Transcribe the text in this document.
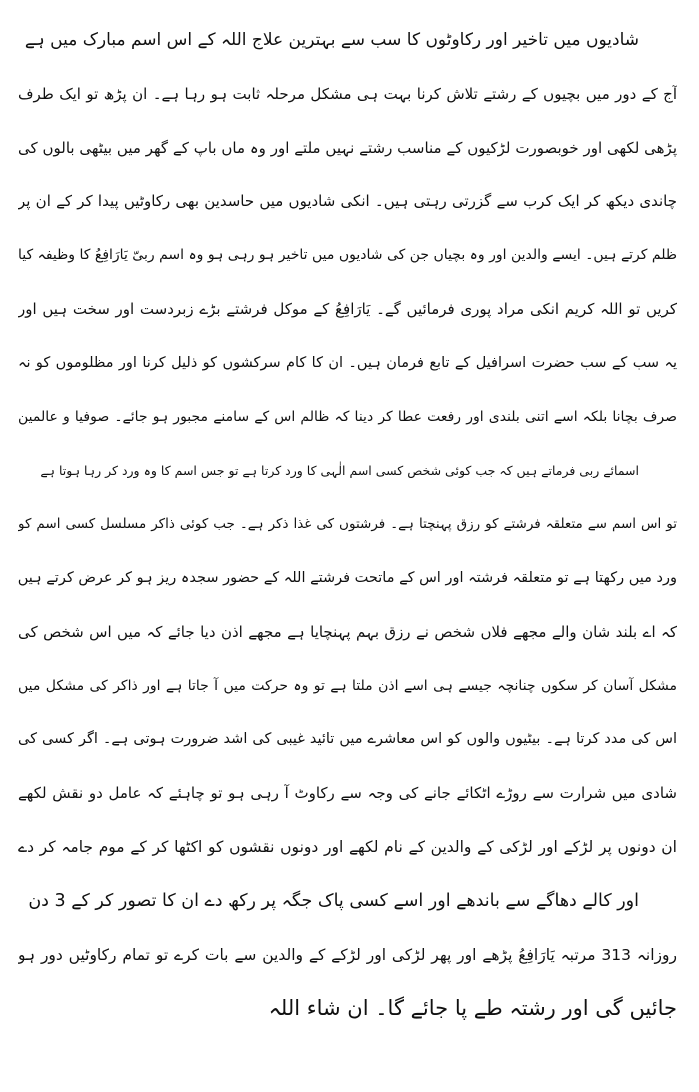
شادیوں میں تاخیر اور رکاوٹوں کا سب سے بہترین علاج اللہ کے اس اسم مبارک میں ہے
آج کے دور میں بچیوں کے رشتے تلاش کرنا بہت ہی مشکل مرحلہ ثابت ہو رہا ہے۔ ان پڑھ تو ایک طرف
پڑھی لکھی اور خوبصورت لڑکیوں کے مناسب رشتے نہیں ملتے اور وہ ماں باپ کے گھر میں بیٹھی بالوں کی
چاندی دیکھ کر ایک کرب سے گزرتی رہتی ہیں۔ انکی شادیوں میں حاسدین بھی رکاوٹیں پیدا کر کے ان پر
ظلم کرتے ہیں۔ ایسے والدین اور وہ بچیاں جن کی شادیوں میں تاخیر ہو رہی ہو وہ اسم ربیّ یَارَافِعُ کا وظیفہ کیا
کریں تو اللہ کریم انکی مراد پوری فرمائیں گے۔ یَارَافِعُ کے موکل فرشتے بڑے زبردست اور سخت ہیں اور
یہ سب کے سب حضرت اسرافیل کے تابع فرمان ہیں۔ ان کا کام سرکشوں کو ذلیل کرنا اور مظلوموں کو نہ
صرف بچانا بلکہ اسے اتنی بلندی اور رفعت عطا کر دینا کہ ظالم اس کے سامنے مجبور ہو جائے۔ صوفیا و عالمین
اسمائے ربی فرماتے ہیں کہ جب کوئی شخص کسی اسم الٰہی کا ورد کرتا ہے تو جس اسم کا وہ ورد کر رہا ہوتا ہے
تو اس اسم سے متعلقہ فرشتے کو رزق پہنچتا ہے۔ فرشتوں کی غذا ذکر ہے۔ جب کوئی ذاکر مسلسل کسی اسم کو
ورد میں رکھتا ہے تو متعلقہ فرشتہ اور اس کے ماتحت فرشتے اللہ کے حضور سجدہ ریز ہو کر عرض کرتے ہیں
کہ اے بلند شان والے مجھے فلاں شخص نے رزق بہم پہنچایا ہے مجھے اذن دیا جائے کہ میں اس شخص کی
مشکل آسان کر سکوں چنانچہ جیسے ہی اسے اذن ملتا ہے تو وہ حرکت میں آ جاتا ہے اور ذاکر کی مشکل میں
اس کی مدد کرتا ہے۔ بیٹیوں والوں کو اس معاشرے میں تائید غیبی کی اشد ضرورت ہوتی ہے۔ اگر کسی کی
شادی میں شرارت سے روڑے اٹکائے جانے کی وجہ سے رکاوٹ آ رہی ہو تو چاہئے کہ عامل دو نقش لکھے
ان دونوں پر لڑکے اور لڑکی کے والدین کے نام لکھے اور دونوں نقشوں کو اکٹھا کر کے موم جامہ کر دے
اور کالے دھاگے سے باندھے اور اسے کسی پاک جگہ پر رکھ دے ان کا تصور کر کے 3 دن
روزانہ 313 مرتبہ یَارَافِعُ پڑھے اور پھر لڑکی اور لڑکے کے والدین سے بات کرے تو تمام رکاوٹیں دور ہو
جائیں گی اور رشتہ طے پا جائے گا۔ ان شاء اللہ
